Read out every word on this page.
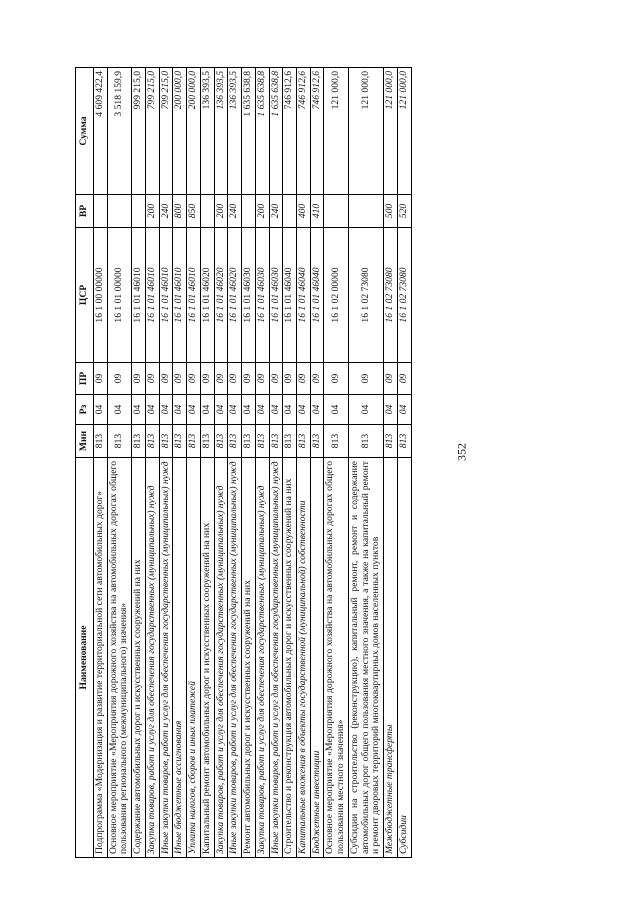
352
Наименование	Мин	Рз	ПР	ЦСР	ВР	Сумма
Подпрограмма «Модернизация и развитие территориальной сети автомобильных дорог»	813	04	09	16 1 00 00000		4 609 422,4
Основное мероприятие «Мероприятия дорожного хозяйства на автомобильных дорогах общего пользования регионального (межмуниципального) значения»	813	04	09	16 1 01 00000		3 518 159,9
Содержание автомобильных дорог и искусственных сооружений на них	813	04	09	16 1 01 46010		999 215,0
Закупка товаров, работ и услуг для обеспечения государственных (муниципальных) нужд	813	04	09	16 1 01 46010	200	799 215,0
Иные закупки товаров, работ и услуг для обеспечения государственных (муниципальных) нужд	813	04	09	16 1 01 46010	240	799 215,0
Иные бюджетные ассигнования	813	04	09	16 1 01 46010	800	200 000,0
Уплата налогов, сборов и иных платежей	813	04	09	16 1 01 46010	850	200 000,0
Капитальный ремонт автомобильных дорог и искусственных сооружений на них	813	04	09	16 1 01 46020		136 393,5
Закупка товаров, работ и услуг для обеспечения государственных (муниципальных) нужд	813	04	09	16 1 01 46020	200	136 393,5
Иные закупки товаров, работ и услуг для обеспечения государственных (муниципальных) нужд	813	04	09	16 1 01 46020	240	136 393,5
Ремонт автомобильных дорог и искусственных сооружений на них	813	04	09	16 1 01 46030		1 635 638,8
Закупка товаров, работ и услуг для обеспечения государственных (муниципальных) нужд	813	04	09	16 1 01 46030	200	1 635 638,8
Иные закупки товаров, работ и услуг для обеспечения государственных (муниципальных) нужд	813	04	09	16 1 01 46030	240	1 635 638,8
Строительство и реконструкция автомобильных дорог и искусственных сооружений на них	813	04	09	16 1 01 46040		746 912,6
Капитальные вложения в объекты государственной (муниципальной) собственности	813	04	09	16 1 01 46040	400	746 912,6
Бюджетные инвестиции	813	04	09	16 1 01 46040	410	746 912,6
Основное мероприятие «Мероприятия дорожного хозяйства на автомобильных дорогах общего пользования местного значения»	813	04	09	16 1 02 00000		121 000,0
Субсидии на строительство (реконструкцию), капитальный ремонт, ремонт и содержание автомобильных дорог общего пользования местного значения, а также на капитальный ремонт и ремонт дворовых территорий многоквартирных домов населенных пунктов	813	04	09	16 1 02 73080		121 000,0
Межбюджетные трансферты	813	04	09	16 1 02 73080	500	121 000,0
Субсидии	813	04	09	16 1 02 73080	520	121 000,0
